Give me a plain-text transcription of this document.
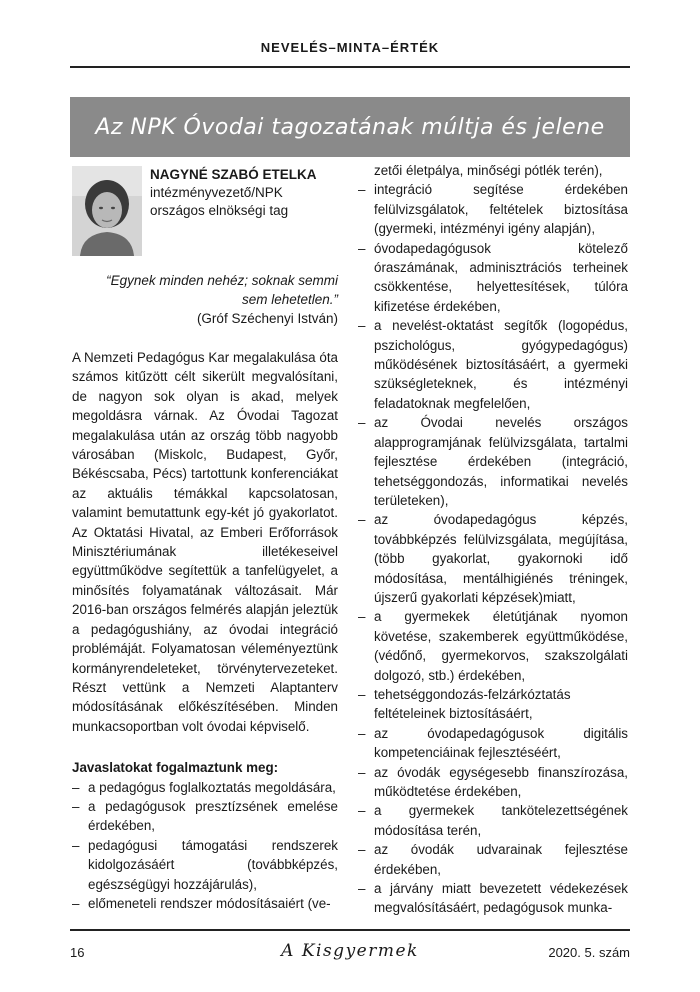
NEVELÉS–MINTA–ÉRTÉK
Az NPK Óvodai tagozatának múltja és jelene
NAGYNÉ SZABÓ ETELKA
intézményvezető/NPK
országos elnökségi tag
“Egynek minden nehéz; soknak semmi sem lehetetlen.”
(Gróf Széchenyi István)

A Nemzeti Pedagógus Kar megalakulása óta számos kitűzött célt sikerült megvalósítani, de nagyon sok olyan is akad, melyek megoldásra várnak. Az Óvodai Tagozat megalakulása után az ország több nagyobb városában (Miskolc, Budapest, Győr, Békéscsaba, Pécs) tartottunk konferenciákat az aktuális témákkal kapcsolatosan, valamint bemutattunk egy-két jó gyakorlatot. Az Oktatási Hivatal, az Emberi Erőforrások Minisztériumának illetékeseivel együttműködve segítettük a tanfelügyelet, a minősítés folyamatának változásait. Már 2016-ban országos felmérés alapján jeleztük a pedagógushiány, az óvodai integráció problémáját. Folyamatosan véleményeztünk kormányrendeleteket, törvénytervezeteket. Részt vettünk a Nemzeti Alaptanterv módosításának előkészítésében. Minden munkacsoportban volt óvodai képviselő.

Javaslatokat fogalmaztunk meg:
– a pedagógus foglalkoztatás megoldására,
– a pedagógusok presztízsének emelése érdekében,
– pedagógusi támogatási rendszerek kidolgozásáért (továbbképzés, egészségügyi hozzájárulás),
– előmeneteli rendszer módosításaiért (ve-
zetői életpálya, minőségi pótlék terén),
– integráció segítése érdekében felülvizsgálatok, feltételek biztosítása (gyermeki, intézményi igény alapján),
– óvodapedagógusok kötelező óraszámának, adminisztrációs terheinek csökkentése, helyettesítések, túlóra kifizetése érdekében,
– a nevelést-oktatást segítők (logopédus, pszichológus, gyógypedagógus) működésének biztosításáért, a gyermeki szükségleteknek, és intézményi feladatoknak megfelelően,
– az Óvodai nevelés országos alapprogramjának felülvizsgálata, tartalmi fejlesztése érdekében (integráció, tehetséggondozás, informatikai nevelés területeken),
– az óvodapedagógus képzés, továbbképzés felülvizsgálata, megújítása, (több gyakorlat, gyakornoki idő módosítása, mentálhigiénés tréningek, újszerű gyakorlati képzések)miatt,
– a gyermekek életútjának nyomon követése, szakemberek együttműködése, (védőnő, gyermekorvos, szakszolgálati dolgozó, stb.) érdekében,
– tehetséggondozás-felzárkóztatás feltételeinek biztosításáért,
– az óvodapedagógusok digitális kompetenciáinak fejlesztéséért,
– az óvodák egységesebb finanszírozása, működtetése érdekében,
– a gyermekek tankötelezettségének módosítása terén,
– az óvodák udvarainak fejlesztése érdekében,
– a járvány miatt bevezetett védekezések megvalósításáért, pedagógusok munka-
16	A Kisgyermek	2020. 5. szám
